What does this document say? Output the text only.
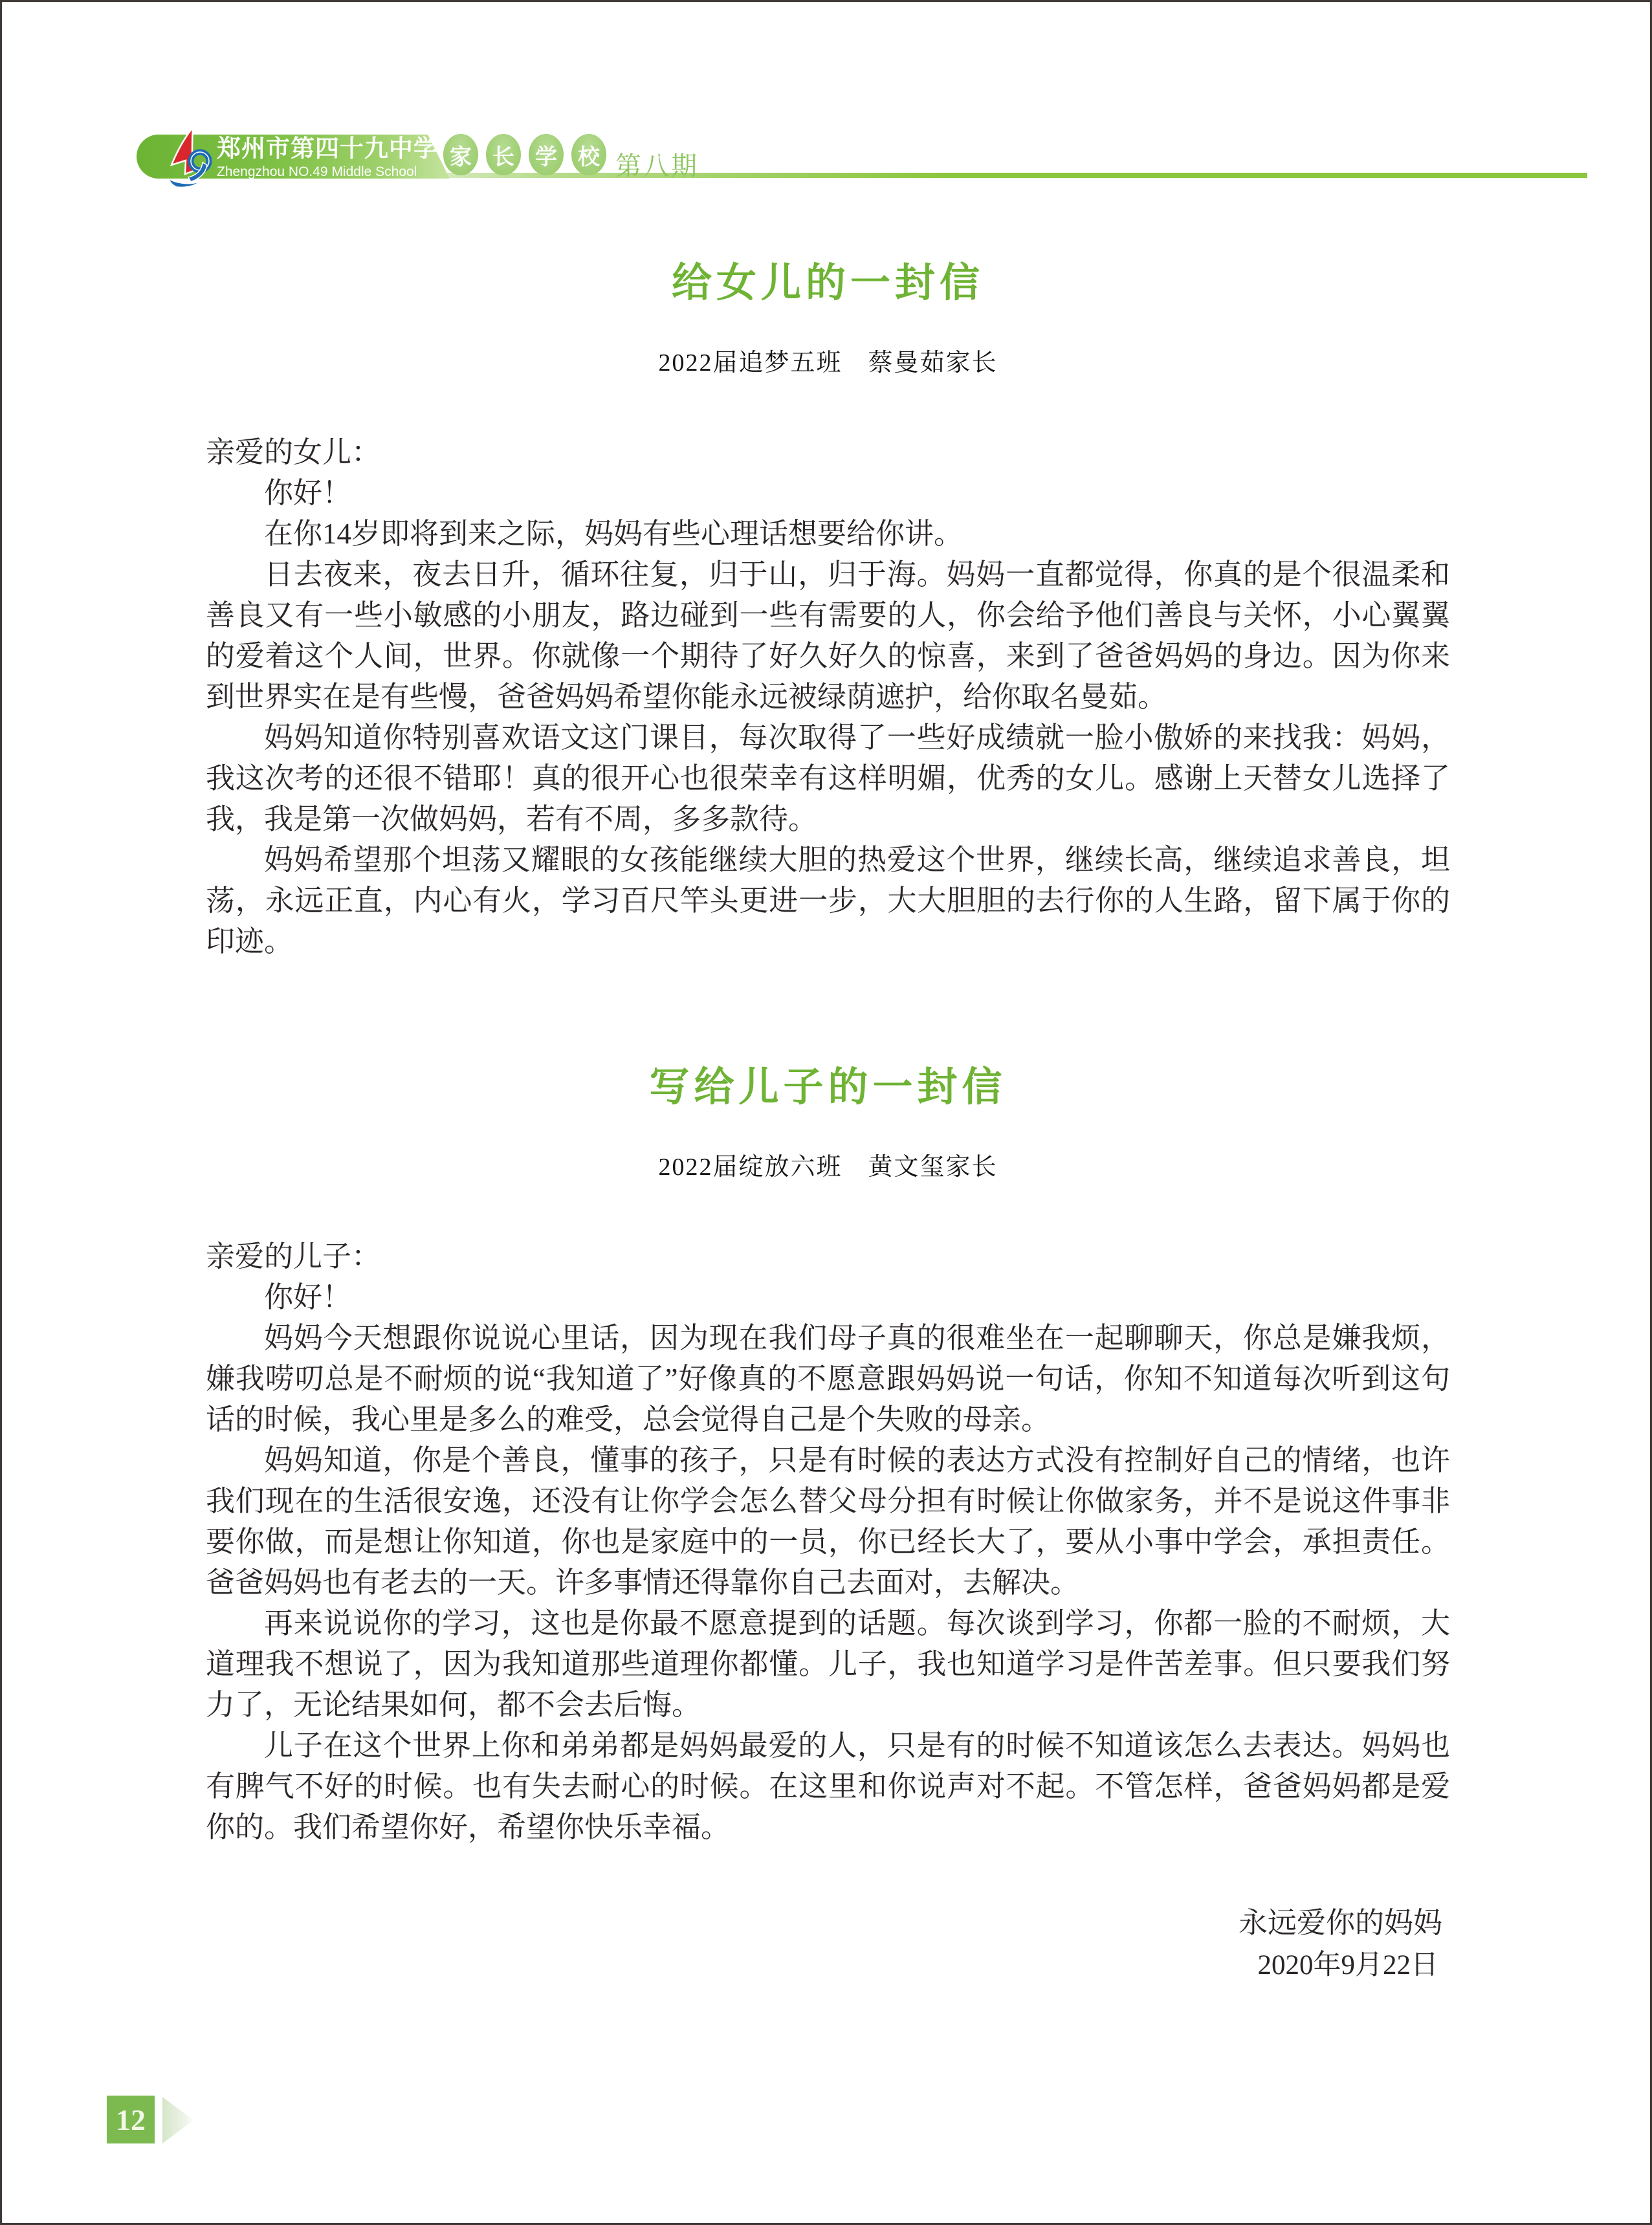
郑州市第四十九中学
Zhengzhou NO.49 Middle School
家 长 学 校 第八期
给女儿的一封信
2022届追梦五班　蔡曼茹家长

亲爱的女儿：

你好！

在你14岁即将到来之际，妈妈有些心理话想要给你讲。

日去夜来，夜去日升，循环往复，归于山，归于海。妈妈一直都觉得，你真的是个很温柔和善良又有一些小敏感的小朋友，路边碰到一些有需要的人，你会给予他们善良与关怀，小心翼翼的爱着这个人间，世界。你就像一个期待了好久好久的惊喜，来到了爸爸妈妈的身边。因为你来到世界实在是有些慢，爸爸妈妈希望你能永远被绿荫遮护，给你取名曼茹。

妈妈知道你特别喜欢语文这门课目，每次取得了一些好成绩就一脸小傲娇的来找我：妈妈，我这次考的还很不错耶！真的很开心也很荣幸有这样明媚，优秀的女儿。感谢上天替女儿选择了我，我是第一次做妈妈，若有不周，多多款待。

妈妈希望那个坦荡又耀眼的女孩能继续大胆的热爱这个世界，继续长高，继续追求善良，坦荡，永远正直，内心有火，学习百尺竿头更进一步，大大胆胆的去行你的人生路，留下属于你的印迹。

写给儿子的一封信
2022届绽放六班　黄文玺家长

亲爱的儿子：

你好！

妈妈今天想跟你说说心里话，因为现在我们母子真的很难坐在一起聊聊天，你总是嫌我烦，嫌我唠叨总是不耐烦的说“我知道了”好像真的不愿意跟妈妈说一句话，你知不知道每次听到这句话的时候，我心里是多么的难受，总会觉得自己是个失败的母亲。

妈妈知道，你是个善良，懂事的孩子，只是有时候的表达方式没有控制好自己的情绪，也许我们现在的生活很安逸，还没有让你学会怎么替父母分担有时候让你做家务，并不是说这件事非要你做，而是想让你知道，你也是家庭中的一员，你已经长大了，要从小事中学会，承担责任。爸爸妈妈也有老去的一天。许多事情还得靠你自己去面对，去解决。

再来说说你的学习，这也是你最不愿意提到的话题。每次谈到学习，你都一脸的不耐烦，大道理我不想说了，因为我知道那些道理你都懂。儿子，我也知道学习是件苦差事。但只要我们努力了，无论结果如何，都不会去后悔。

儿子在这个世界上你和弟弟都是妈妈最爱的人，只是有的时候不知道该怎么去表达。妈妈也有脾气不好的时候。也有失去耐心的时候。在这里和你说声对不起。不管怎样，爸爸妈妈都是爱你的。我们希望你好，希望你快乐幸福。

永远爱你的妈妈
2020年9月22日
12
